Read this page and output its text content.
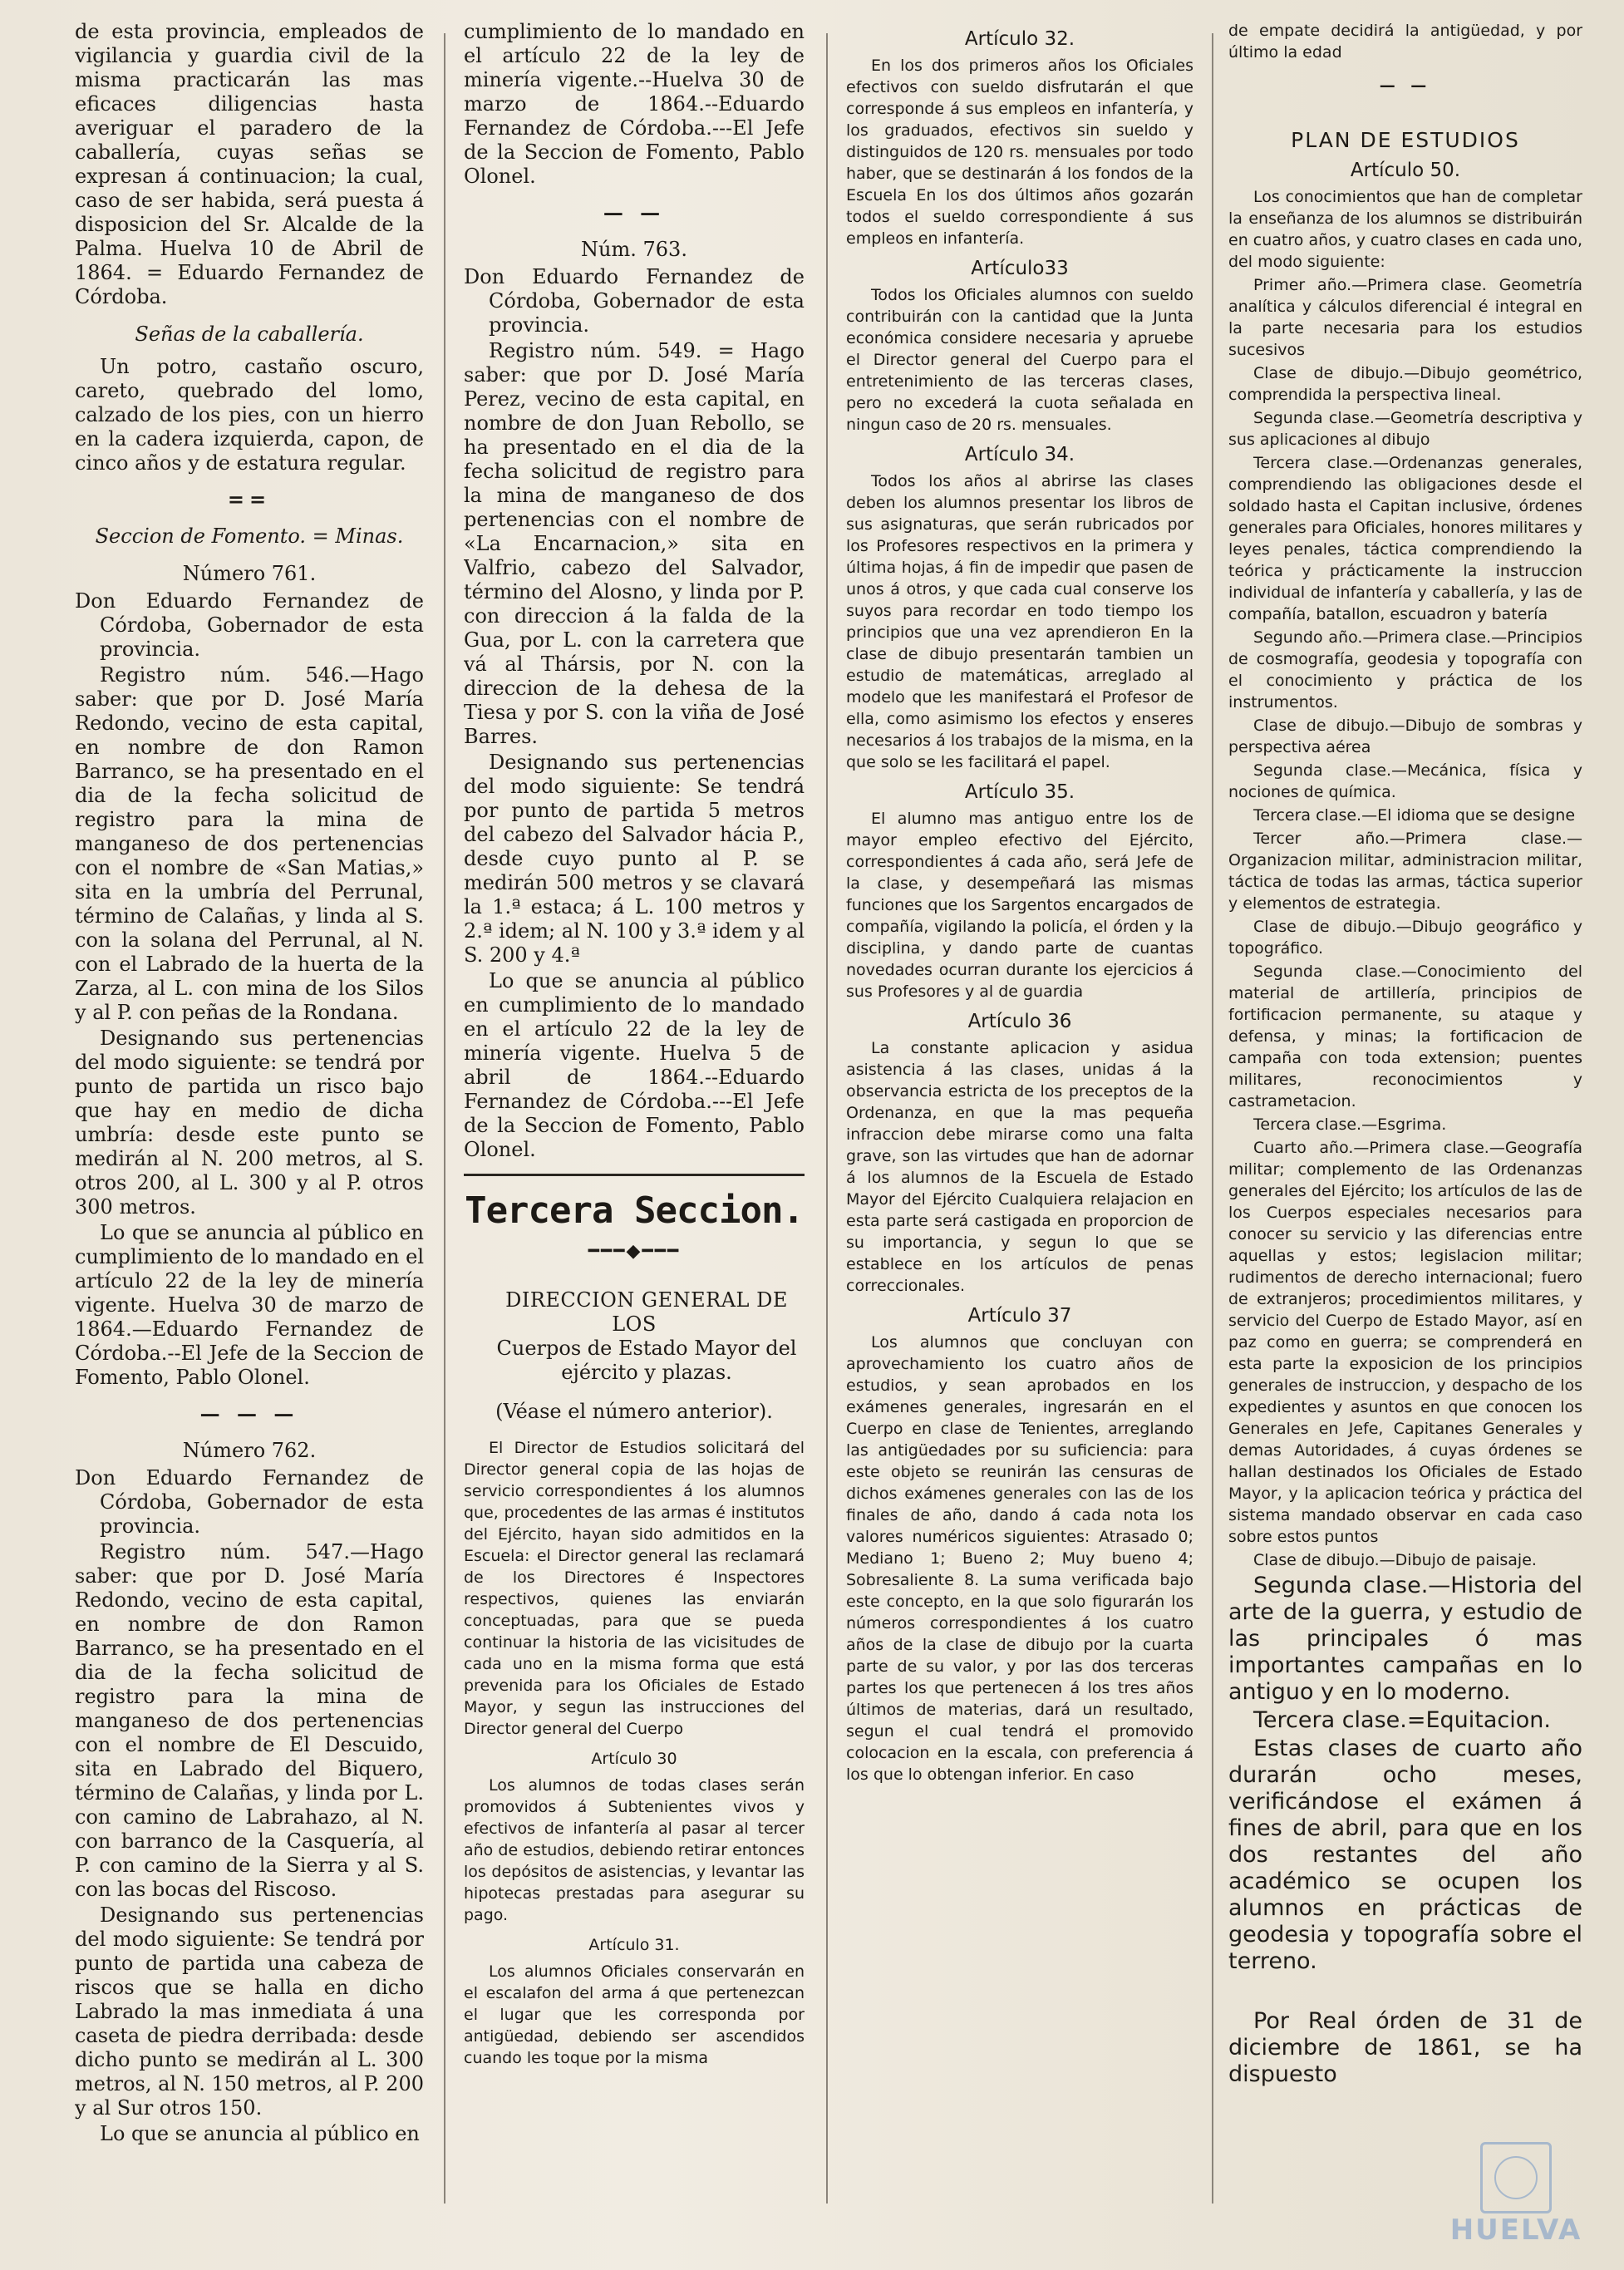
de esta provincia, empleados de vigilancia y guardia civil de la misma practicarán las mas eficaces diligencias hasta averiguar el paradero de la caballería, cuyas señas se expresan á continuacion; la cual, caso de ser habida, será puesta á disposicion del Sr. Alcalde de la Palma. Huelva 10 de Abril de 1864. = Eduardo Fernandez de Córdoba.

Señas de la caballería.

Un potro, castaño oscuro, careto, quebrado del lomo, calzado de los pies, con un hierro en la cadera izquierda, capon, de cinco años y de estatura regular.

==
Seccion de Fomento. = Minas.
Número 761.

Don Eduardo Fernandez de Córdoba, Gobernador de esta provincia.

Registro núm. 546.—Hago saber: que por D. José María Redondo, vecino de esta capital, en nombre de don Ramon Barranco, se ha presentado en el dia de la fecha solicitud de registro para la mina de manganeso de dos pertenencias con el nombre de «San Matias,» sita en la umbría del Perrunal, término de Calañas, y linda al S. con la solana del Perrunal, al N. con el Labrado de la huerta de la Zarza, al L. con mina de los Silos y al P. con peñas de la Rondana.

Designando sus pertenencias del modo siguiente: se tendrá por punto de partida un risco bajo que hay en medio de dicha umbría: desde este punto se medirán al N. 200 metros, al S. otros 200, al L. 300 y al P. otros 300 metros.

Lo que se anuncia al público en cumplimiento de lo mandado en el artículo 22 de la ley de minería vigente. Huelva 30 de marzo de 1864.—Eduardo Fernandez de Córdoba.--El Jefe de la Seccion de Fomento, Pablo Olonel.

— — —
Número 762.

Don Eduardo Fernandez de Córdoba, Gobernador de esta provincia.

Registro núm. 547.—Hago saber: que por D. José María Redondo, vecino de esta capital, en nombre de don Ramon Barranco, se ha presentado en el dia de la fecha solicitud de registro para la mina de manganeso de dos pertenencias con el nombre de El Descuido, sita en Labrado del Biquero, término de Calañas, y linda por L. con camino de Labrahazo, al N. con barranco de la Casquería, al P. con camino de la Sierra y al S. con las bocas del Riscoso.

Designando sus pertenencias del modo siguiente: Se tendrá por punto de partida una cabeza de riscos que se halla en dicho Labrado la mas inmediata á una caseta de piedra derribada: desde dicho punto se medirán al L. 300 metros, al N. 150 metros, al P. 200 y al Sur otros 150.

Lo que se anuncia al público en

cumplimiento de lo mandado en el artículo 22 de la ley de minería vigente.--Huelva 30 de marzo de 1864.--Eduardo Fernandez de Córdoba.---El Jefe de la Seccion de Fomento, Pablo Olonel.

— —
Núm. 763.

Don Eduardo Fernandez de Córdoba, Gobernador de esta provincia.

Registro núm. 549. = Hago saber: que por D. José María Perez, vecino de esta capital, en nombre de don Juan Rebollo, se ha presentado en el dia de la fecha solicitud de registro para la mina de manganeso de dos pertenencias con el nombre de «La Encarnacion,» sita en Valfrio, cabezo del Salvador, término del Alosno, y linda por P. con direccion á la falda de la Gua, por L. con la carretera que vá al Thársis, por N. con la direccion de la dehesa de la Tiesa y por S. con la viña de José Barres.

Designando sus pertenencias del modo siguiente: Se tendrá por punto de partida 5 metros del cabezo del Salvador hácia P., desde cuyo punto al P. se medirán 500 metros y se clavará la 1.ª estaca; á L. 100 metros y 2.ª idem; al N. 100 y 3.ª idem y al S. 200 y 4.ª

Lo que se anuncia al público en cumplimiento de lo mandado en el artículo 22 de la ley de minería vigente. Huelva 5 de abril de 1864.--Eduardo Fernandez de Córdoba.---El Jefe de la Seccion de Fomento, Pablo Olonel.

Tercera Seccion.
━━━◆━━━

DIRECCION GENERAL DE LOS

Cuerpos de Estado Mayor del

ejército y plazas.

(Véase el número anterior).

El Director de Estudios solicitará del Director general copia de las hojas de servicio correspondientes á los alumnos que, procedentes de las armas é institutos del Ejército, hayan sido admitidos en la Escuela: el Director general las reclamará de los Directores é Inspectores respectivos, quienes las enviarán conceptuadas, para que se pueda continuar la historia de las vicisitudes de cada uno en la misma forma que está prevenida para los Oficiales de Estado Mayor, y segun las instrucciones del Director general del Cuerpo

Artículo 30

Los alumnos de todas clases serán promovidos á Subtenientes vivos y efectivos de infantería al pasar al tercer año de estudios, debiendo retirar entonces los depósitos de asistencias, y levantar las hipotecas prestadas para asegurar su pago.

Artículo 31.

Los alumnos Oficiales conservarán en el escalafon del arma á que pertenezcan el lugar que les corresponda por antigüedad, debiendo ser ascendidos cuando les toque por la misma

Artículo 32.

En los dos primeros años los Oficiales efectivos con sueldo disfrutarán el que corresponde á sus empleos en infantería, y los graduados, efectivos sin sueldo y distinguidos de 120 rs. mensuales por todo haber, que se destinarán á los fondos de la Escuela En los dos últimos años gozarán todos el sueldo correspondiente á sus empleos en infantería.

Artículo33

Todos los Oficiales alumnos con sueldo contribuirán con la cantidad que la Junta económica considere necesaria y apruebe el Director general del Cuerpo para el entretenimiento de las terceras clases, pero no excederá la cuota señalada en ningun caso de 20 rs. mensuales.

Artículo 34.

Todos los años al abrirse las clases deben los alumnos presentar los libros de sus asignaturas, que serán rubricados por los Profesores respectivos en la primera y última hojas, á fin de impedir que pasen de unos á otros, y que cada cual conserve los suyos para recordar en todo tiempo los principios que una vez aprendieron En la clase de dibujo presentarán tambien un estudio de matemáticas, arreglado al modelo que les manifestará el Profesor de ella, como asimismo los efectos y enseres necesarios á los trabajos de la misma, en la que solo se les facilitará el papel.

Artículo 35.

El alumno mas antiguo entre los de mayor empleo efectivo del Ejército, correspondientes á cada año, será Jefe de la clase, y desempeñará las mismas funciones que los Sargentos encargados de compañía, vigilando la policía, el órden y la disciplina, y dando parte de cuantas novedades ocurran durante los ejercicios á sus Profesores y al de guardia

Artículo 36

La constante aplicacion y asidua asistencia á las clases, unidas á la observancia estricta de los preceptos de la Ordenanza, en que la mas pequeña infraccion debe mirarse como una falta grave, son las virtudes que han de adornar á los alumnos de la Escuela de Estado Mayor del Ejército Cualquiera relajacion en esta parte será castigada en proporcion de su importancia, y segun lo que se establece en los artículos de penas correccionales.

Artículo 37

Los alumnos que concluyan con aprovechamiento los cuatro años de estudios, y sean aprobados en los exámenes generales, ingresarán en el Cuerpo en clase de Tenientes, arreglando las antigüedades por su suficiencia: para este objeto se reunirán las censuras de dichos exámenes generales con las de los finales de año, dando á cada nota los valores numéricos siguientes: Atrasado 0; Mediano 1; Bueno 2; Muy bueno 4; Sobresaliente 8. La suma verificada bajo este concepto, en la que solo figurarán los números correspondientes á los cuatro años de la clase de dibujo por la cuarta parte de su valor, y por las dos terceras partes los que pertenecen á los tres años últimos de materias, dará un resultado, segun el cual tendrá el promovido colocacion en la escala, con preferencia á los que lo obtengan inferior. En caso

de empate decidirá la antigüedad, y por último la edad

— —
PLAN DE ESTUDIOS
Artículo 50.

Los conocimientos que han de completar la enseñanza de los alumnos se distribuirán en cuatro años, y cuatro clases en cada uno, del modo siguiente:

Primer año.—Primera clase. Geometría analítica y cálculos diferencial é integral en la parte necesaria para los estudios sucesivos

Clase de dibujo.—Dibujo geométrico, comprendida la perspectiva lineal.

Segunda clase.—Geometría descriptiva y sus aplicaciones al dibujo

Tercera clase.—Ordenanzas generales, comprendiendo las obligaciones desde el soldado hasta el Capitan inclusive, órdenes generales para Oficiales, honores militares y leyes penales, táctica comprendiendo la teórica y prácticamente la instruccion individual de infantería y caballería, y las de compañía, batallon, escuadron y batería

Segundo año.—Primera clase.—Principios de cosmografía, geodesia y topografía con el conocimiento y práctica de los instrumentos.

Clase de dibujo.—Dibujo de sombras y perspectiva aérea

Segunda clase.—Mecánica, física y nociones de química.

Tercera clase.—El idioma que se designe

Tercer año.—Primera clase.—Organizacion militar, administracion militar, táctica de todas las armas, táctica superior y elementos de estrategia.

Clase de dibujo.—Dibujo geográfico y topográfico.

Segunda clase.—Conocimiento del material de artillería, principios de fortificacion permanente, su ataque y defensa, y minas; la fortificacion de campaña con toda extension; puentes militares, reconocimientos y castrametacion.

Tercera clase.—Esgrima.

Cuarto año.—Primera clase.—Geografía militar; complemento de las Ordenanzas generales del Ejército; los artículos de las de los Cuerpos especiales necesarios para conocer su servicio y las diferencias entre aquellas y estos; legislacion militar; rudimentos de derecho internacional; fuero de extranjeros; procedimientos militares, y servicio del Cuerpo de Estado Mayor, así en paz como en guerra; se comprenderá en esta parte la exposicion de los principios generales de instruccion, y despacho de los expedientes y asuntos en que conocen los Generales en Jefe, Capitanes Generales y demas Autoridades, á cuyas órdenes se hallan destinados los Oficiales de Estado Mayor, y la aplicacion teórica y práctica del sistema mandado observar en cada caso sobre estos puntos

Clase de dibujo.—Dibujo de paisaje.

Segunda clase.—Historia del arte de la guerra, y estudio de las principales ó mas importantes campañas en lo antiguo y en lo moderno.

Tercera clase.=Equitacion.

Estas clases de cuarto año durarán ocho meses, verificándose el exámen á fines de abril, para que en los dos restantes del año académico se ocupen los alumnos en prácticas de geodesia y topografía sobre el terreno.

Por Real órden de 31 de diciembre de 1861, se ha dispuesto

HUELVA
